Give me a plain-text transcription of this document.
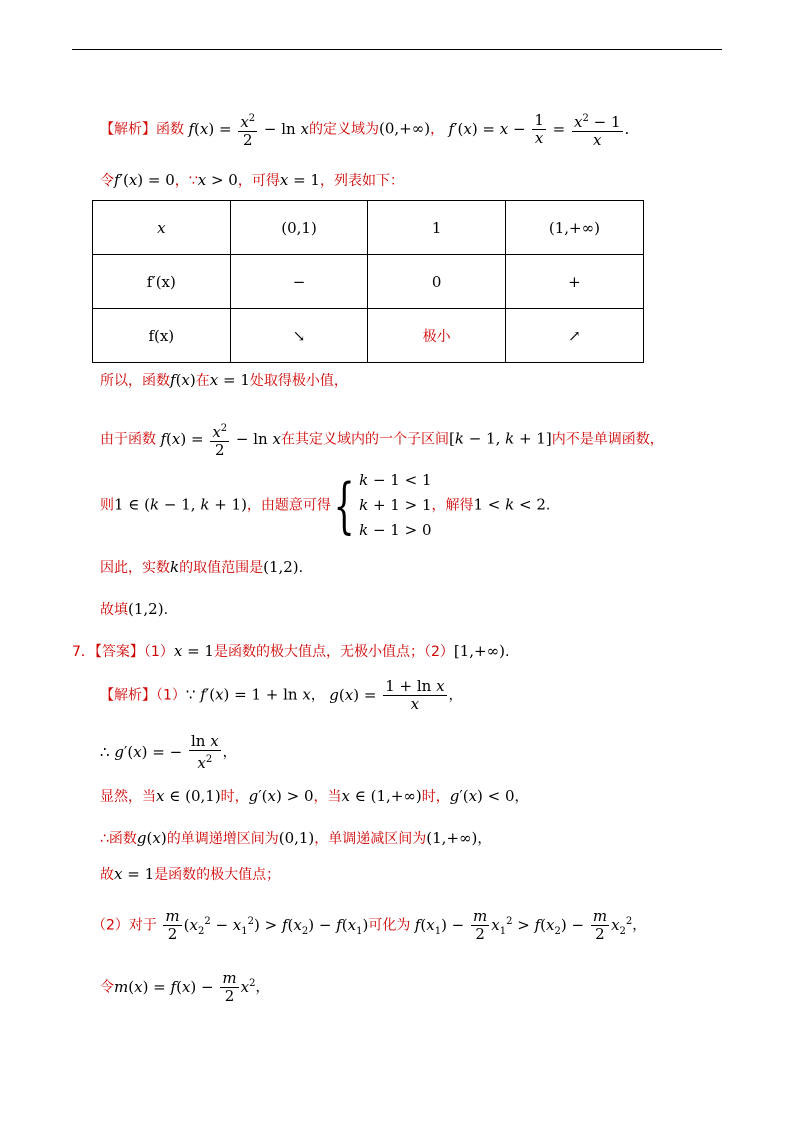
【解析】函数 $f(x) = \frac{x^2}{2} - \ln x$的定义域为(0,+∞)， $f'(x) = x - \frac{1}{x} = \frac{x^2 - 1}{x}$ .
令f′(x) = 0，∵x > 0，可得x = 1，列表如下：
x	(0,1)	1	(1,+∞)
f′(x)	−	0	+
f(x)	↘	极小	↗
所以，函数f(x)在x = 1处取得极小值，
由于函数 $f(x) = \frac{x^2}{2} - \ln x$在其定义域内的一个子区间[k − 1, k + 1]内不是单调函数，
则1 ∈ (k − 1, k + 1)，由题意可得{ k − 1 < 1
k + 1 > 1
k − 1 > 0
，解得1 < k < 2.
因此，实数k的取值范围是(1,2).
故填(1,2).
7．【答案】（1）x = 1是函数的极大值点，无极小值点；（2）[1,+∞).
【解析】（1）∵ f′(x) = 1 + ln x， $g(x) = \frac{\text{1 + ln x}}{x}$ ，
∴ g′(x) = − $\frac{\text{ln x}}{x^2}$ ，
显然，当x ∈ (0,1)时，g′(x) > 0，当x ∈ (1,+∞)时，g′(x) < 0，
∴函数g(x)的单调递增区间为(0,1)，单调递减区间为(1,+∞)，
故x = 1是函数的极大值点；
（2）对于 $\frac{m}{2} (x_2^2 - x_1^2) > f(x_2) - f(x_1)$可化为 $f(x_1) - \frac{m}{2} x_1^2 > f(x_2) - \frac{m}{2} x_2^2$，
令$m(x) = f(x) - \frac{m}{2} x^2$，
